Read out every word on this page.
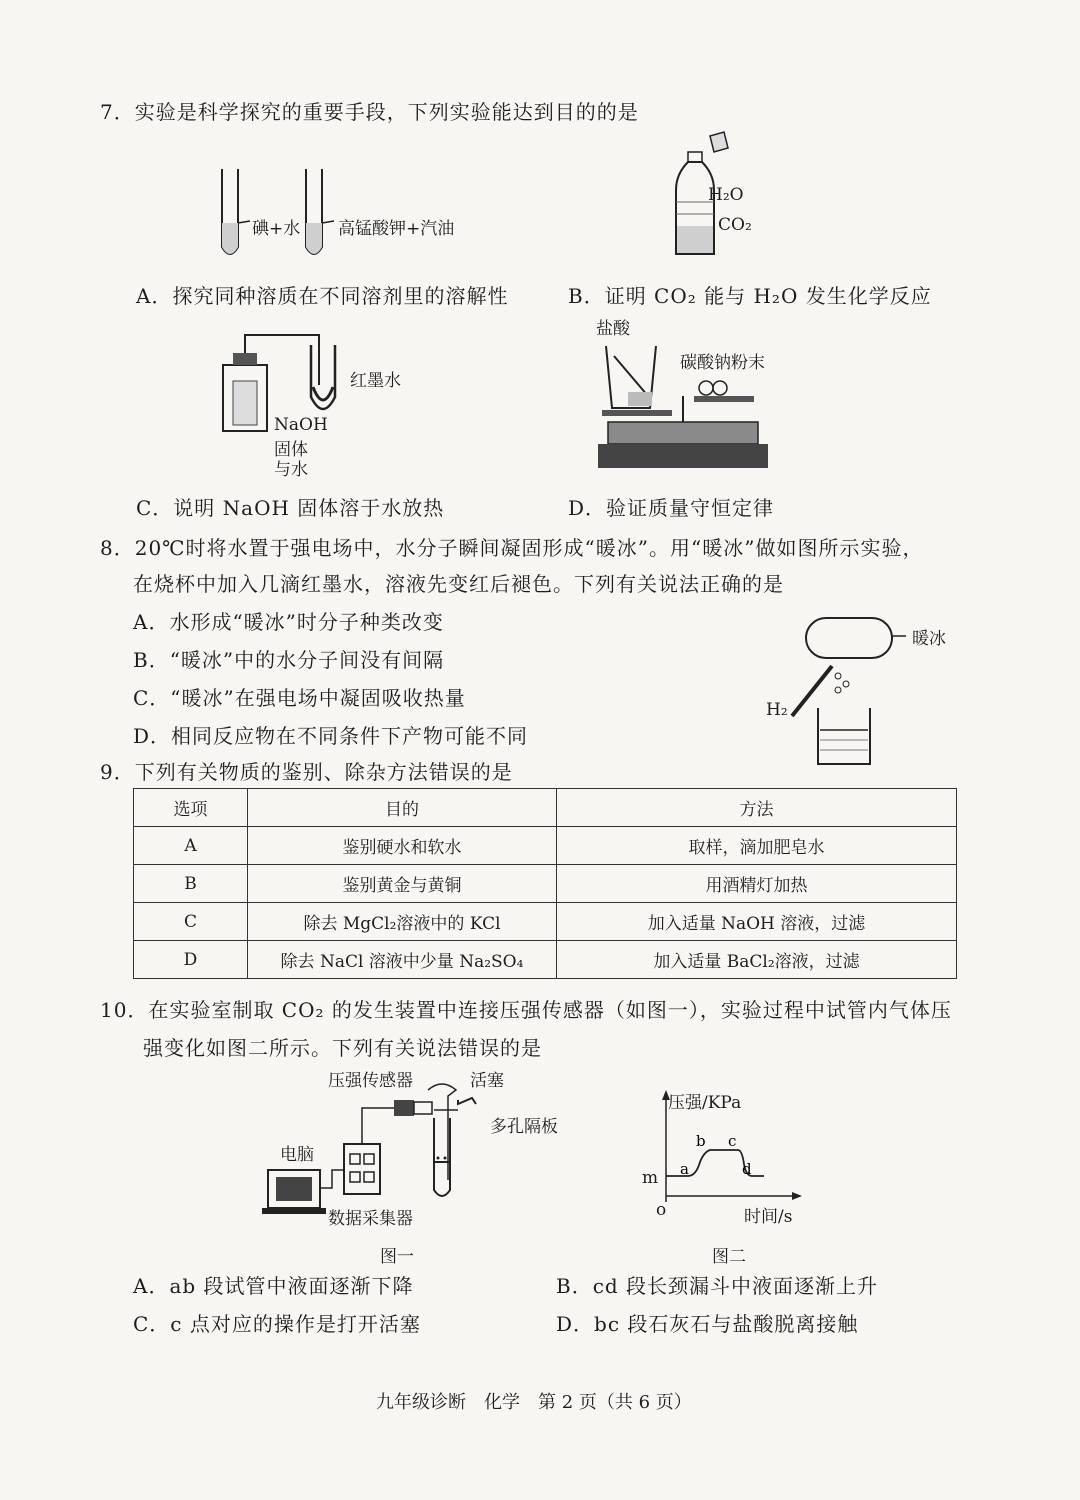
7．实验是科学探究的重要手段，下列实验能达到目的的是
碘+水 高锰酸钾+汽油
A．探究同种溶质在不同溶剂里的溶解性
H₂O
CO₂
B．证明 CO₂ 能与 H₂O 发生化学反应
红墨水
NaOH
固体
与水
C．说明 NaOH 固体溶于水放热
盐酸
碳酸钠粉末
D．验证质量守恒定律
8．20℃时将水置于强电场中，水分子瞬间凝固形成“暖冰”。用“暖冰”做如图所示实验，
在烧杯中加入几滴红墨水，溶液先变红后褪色。下列有关说法正确的是
A．水形成“暖冰”时分子种类改变
B．“暖冰”中的水分子间没有间隔
C．“暖冰”在强电场中凝固吸收热量
D．相同反应物在不同条件下产物可能不同
暖冰
H₂
9．下列有关物质的鉴别、除杂方法错误的是
选项	目的	方法
A	鉴别硬水和软水	取样，滴加肥皂水
B	鉴别黄金与黄铜	用酒精灯加热
C	除去 MgCl₂溶液中的 KCl	加入适量 NaOH 溶液，过滤
D	除去 NaCl 溶液中少量 Na₂SO₄	加入适量 BaCl₂溶液，过滤
10．在实验室制取 CO₂ 的发生装置中连接压强传感器（如图一），实验过程中试管内气体压
强变化如图二所示。下列有关说法错误的是
压强传感器	活塞
多孔隔板
电脑
数据采集器
图一
a
b c
d
压强/KPa
m
o	时间/s
图二
A．ab 段试管中液面逐渐下降	B．cd 段长颈漏斗中液面逐渐上升
C．c 点对应的操作是打开活塞	D．bc 段石灰石与盐酸脱离接触
九年级诊断　化学　第 2 页（共 6 页）
